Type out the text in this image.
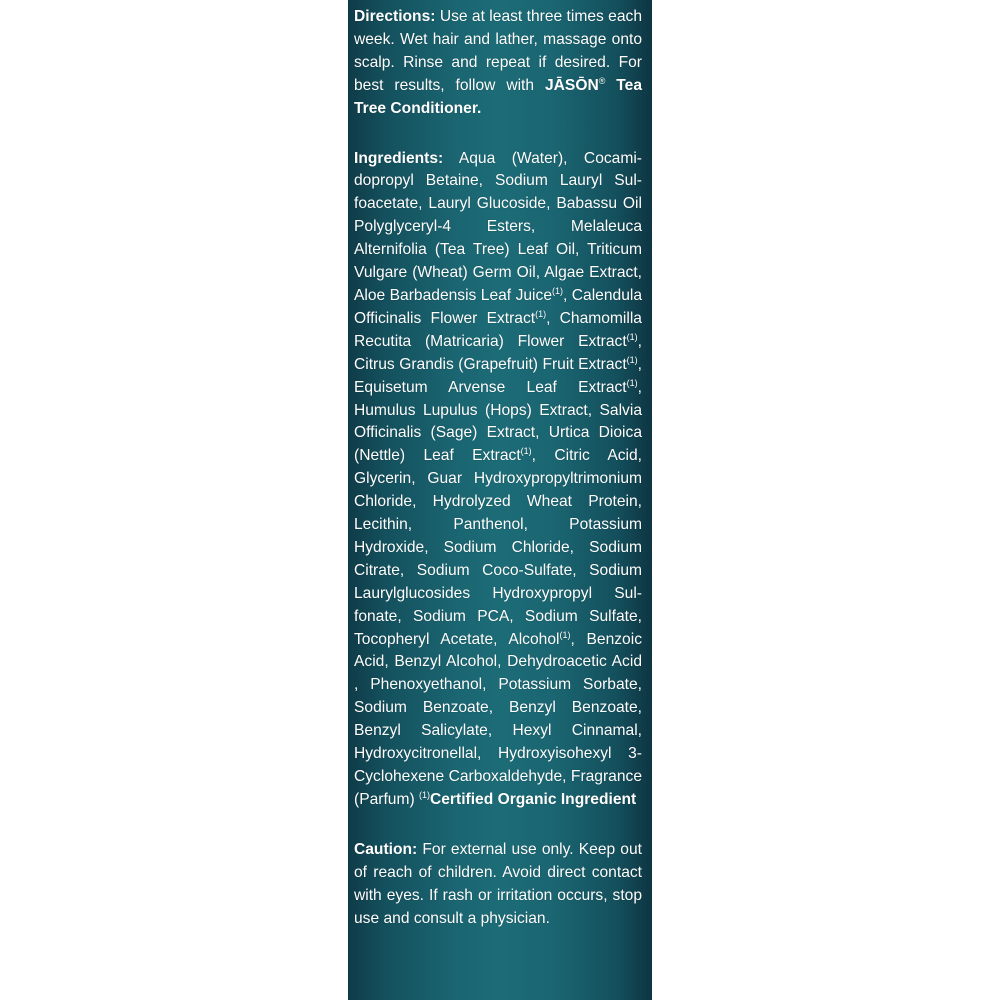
Directions: Use at least three times each week. Wet hair and lather, massage onto scalp. Rinse and repeat if desired. For best results, follow with JĀSŌN® Tea Tree Conditioner.

Ingredients: Aqua (Water), Cocamidopropyl Betaine, Sodium Lauryl Sulfoacetate, Lauryl Glucoside, Babassu Oil Polyglyceryl-4 Esters, Melaleuca Alternifolia (Tea Tree) Leaf Oil, Triticum Vulgare (Wheat) Germ Oil, Algae Extract, Aloe Barbadensis Leaf Juice$^{(1)}$, Calendula Officinalis Flower Extract$^{(1)}$, Chamomilla Recutita (Matricaria) Flower Extract$^{(1)}$, Citrus Grandis (Grapefruit) Fruit Extract$^{(1)}$, Equisetum Arvense Leaf Extract$^{(1)}$, Humulus Lupulus (Hops) Extract, Salvia Officinalis (Sage) Extract, Urtica Dioica (Nettle) Leaf Extract$^{(1)}$, Citric Acid, Glycerin, Guar Hydroxypropyltrimonium Chloride, Hydrolyzed Wheat Protein, Lecithin, Panthenol, Potassium Hydroxide, Sodium Chloride, Sodium Citrate, Sodium Coco-Sulfate, Sodium Laurylglucosides Hydroxypropyl Sulfonate, Sodium PCA, Sodium Sulfate, Tocopheryl Acetate, Alcohol$^{(1)}$, Benzoic Acid, Benzyl Alcohol, Dehydroacetic Acid , Phenoxyethanol, Potassium Sorbate, Sodium Benzoate, Benzyl Benzoate, Benzyl Salicylate, Hexyl Cinnamal, Hydroxycitronellal, Hydroxyisohexyl 3-Cyclohexene Carboxaldehyde, Fragrance (Parfum) $^{(1)}$Certified Organic Ingredient

Caution: For external use only. Keep out of reach of children. Avoid direct contact with eyes. If rash or irritation occurs, stop use and consult a physician.
